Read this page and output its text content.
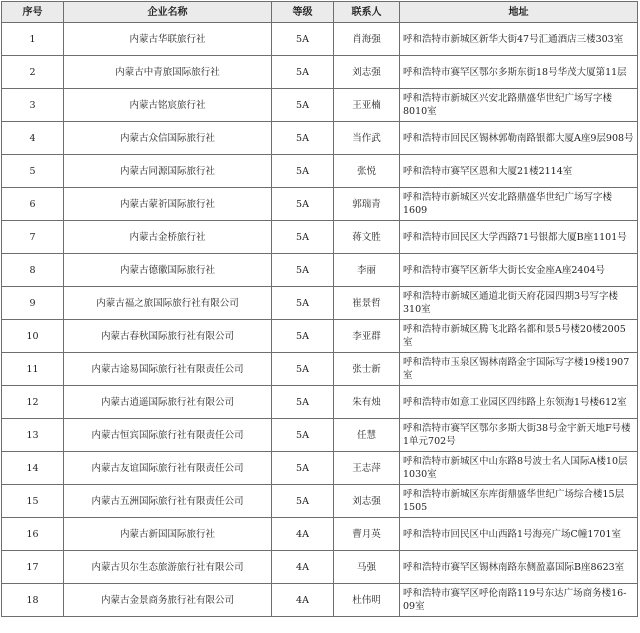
序号	企业名称	等级	联系人	地址
1	内蒙古华联旅行社	5A	肖海强	呼和浩特市新城区新华大街47号汇通酒店三楼303室
2	内蒙古中青旅国际旅行社	5A	刘志强	呼和浩特市赛罕区鄂尔多斯东街18号华茂大厦第11层
3	内蒙古铭宸旅行社	5A	王亚楠	呼和浩特市新城区兴安北路鼎盛华世纪广场写字楼8010室
4	内蒙古众信国际旅行社	5A	当作武	呼和浩特市回民区锡林郭勒南路银都大厦A座9层908号
5	内蒙古同源国际旅行社	5A	张悦	呼和浩特市赛罕区恩和大厦21楼2114室
6	内蒙古蒙祈国际旅行社	5A	郭瑞青	呼和浩特市新城区兴安北路鼎盛华世纪广场写字楼1609
7	内蒙古金桥旅行社	5A	蒋文胜	呼和浩特市回民区大学西路71号银都大厦B座1101号
8	内蒙古德徽国际旅行社	5A	李丽	呼和浩特市赛罕区新华大街长安金座A座2404号
9	内蒙古福之旅国际旅行社有限公司	5A	崔景哲	呼和浩特市新城区通道北街天府花园四期3号写字楼310室
10	内蒙古春秋国际旅行社有限公司	5A	李亚群	呼和浩特市新城区腾飞北路名都和景5号楼20楼2005室
11	内蒙古途易国际旅行社有限责任公司	5A	张士新	呼和浩特市玉泉区锡林南路金宇国际写字楼19楼1907室
12	内蒙古逍遥国际旅行社有限公司	5A	朱有烛	呼和浩特市如意工业园区四纬路上东领海1号楼612室
13	内蒙古恒宾国际旅行社有限责任公司	5A	任慧	呼和浩特市赛罕区鄂尔多斯大街38号金宇新天地F号楼1单元702号
14	内蒙古友谊国际旅行社有限责任公司	5A	王志萍	呼和浩特市新城区中山东路8号波士名人国际A楼10层1030室
15	内蒙古五洲国际旅行社有限责任公司	5A	刘志强	呼和浩特市新城区东库街鼎盛华世纪广场综合楼15层1505
16	内蒙古新国国际旅行社	4A	曹月英	呼和浩特市回民区中山西路1号海亮广场C幢1701室
17	内蒙古贝尔生态旅游旅行社有限公司	4A	马强	呼和浩特市赛罕区锡林南路东侧盈嘉国际B座8623室
18	内蒙古金景商务旅行社有限公司	4A	杜伟明	呼和浩特市赛罕区呼伦南路119号东达广场商务楼16-09室
